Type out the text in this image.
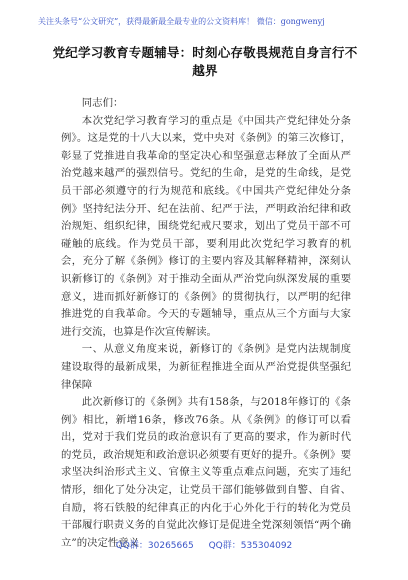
关注头条号“公文研究”，获得最新最全最专业的公文资料库！ 微信：gongwenyj
党纪学习教育专题辅导：时刻心存敬畏规范自身言行不越界

同志们：

本次党纪学习教育学习的重点是《中国共产党纪律处分条例》。这是党的十八大以来，党中央对《条例》的第三次修订，彰显了党推进自我革命的坚定决心和坚强意志释放了全面从严治党越来越严的强烈信号。党纪的生命，是党的生命线，是党员干部必须遵守的行为规范和底线。《中国共产党纪律处分条例》坚持纪法分开、纪在法前、纪严于法，严明政治纪律和政治规矩、组织纪律，围绕党纪戒尺要求，划出了党员干部不可碰触的底线。作为党员干部，要利用此次党纪学习教育的机会，充分了解《条例》修订的主要内容及其解释精神，深刻认识新修订的《条例》对于推动全面从严治党向纵深发展的重要意义，进而抓好新修订的《条例》的贯彻执行，以严明的纪律推进党的自我革命。今天的专题辅导，重点从三个方面与大家进行交流，也算是作次宣传解读。

一、从意义角度来说，新修订的《条例》是党内法规制度建设取得的最新成果，为新征程推进全面从严治党提供坚强纪律保障

此次新修订的《条例》共有158条，与2018年修订的《条例》相比，新增16条，修改76条。从《条例》的修订可以看出，党对于我们党员的政治意识有了更高的要求，作为新时代的党员，政治规矩和政治意识必须要有更好的提升。《条例》要求坚决纠治形式主义、官僚主义等重点难点问题，充实了违纪情形，细化了处分决定，让党员干部们能够做到自警、自省、自励，将石铁般的纪律真正的内化于心外化于行的转化为党员干部履行职责义务的自觉此次修订是促进全党深刻领悟“两个确立”的决定性意义

QQ群：30265665 QQ群：535304092
